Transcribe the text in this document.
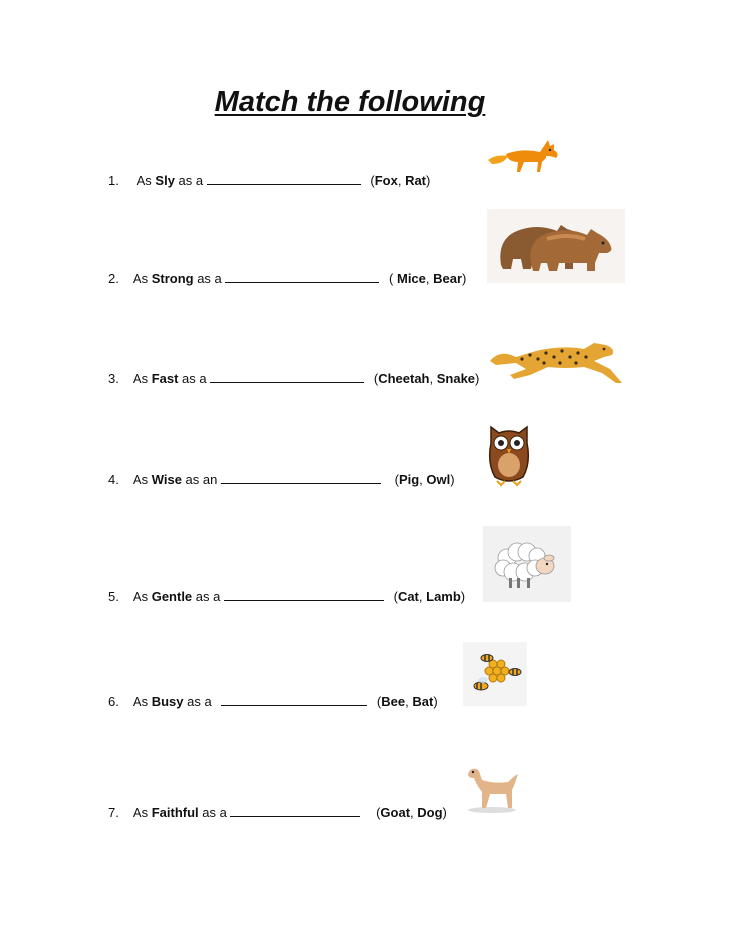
Match the following
1. As Sly as a	(Fox, Rat)
2. As Strong as a	( Mice, Bear)
3. As Fast as a	(Cheetah, Snake)
4. As Wise as an	(Pig, Owl)
5. As Gentle as a	(Cat, Lamb)
6. As Busy as a	(Bee, Bat)
7. As Faithful as a	(Goat, Dog)
